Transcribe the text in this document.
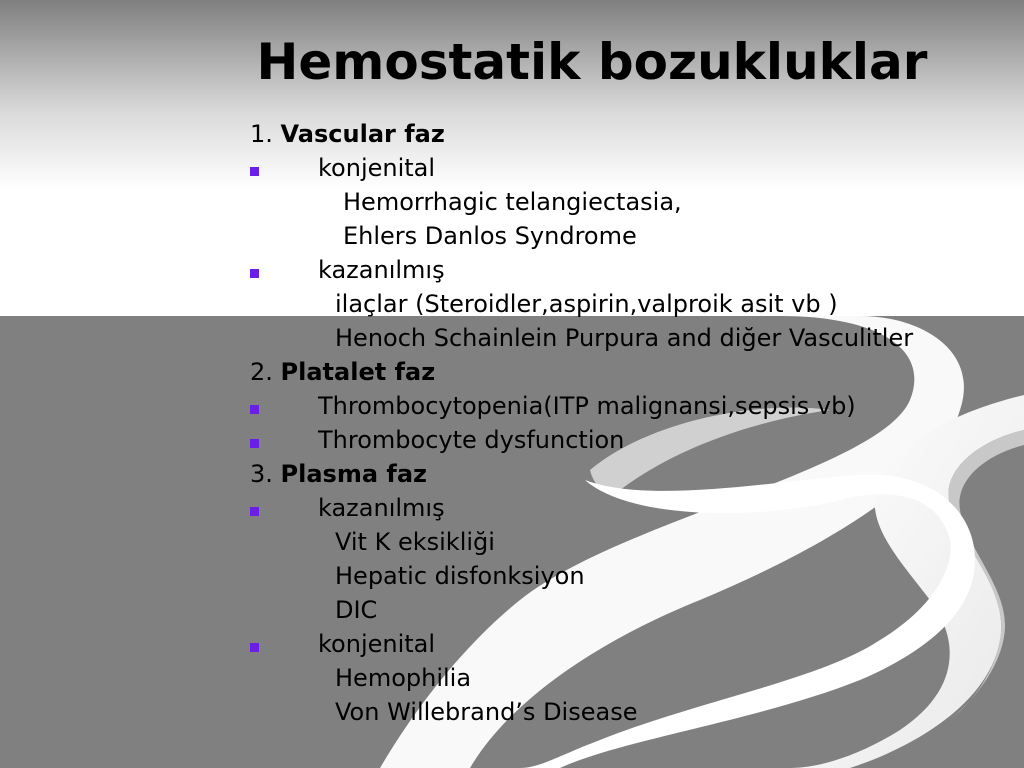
Hemostatik bozukluklar
1. Vascular faz
konjenital
Hemorrhagic telangiectasia,
Ehlers Danlos Syndrome
kazanılmış
ilaçlar (Steroidler,aspirin,valproik asit vb )
Henoch Schainlein Purpura and diğer Vasculitler
2. Platalet faz
Thrombocytopenia(ITP malignansi,sepsis vb)
Thrombocyte dysfunction
3. Plasma faz
kazanılmış
Vit K eksikliği
Hepatic disfonksiyon
DIC
konjenital
Hemophilia
Von Willebrand’s Disease
